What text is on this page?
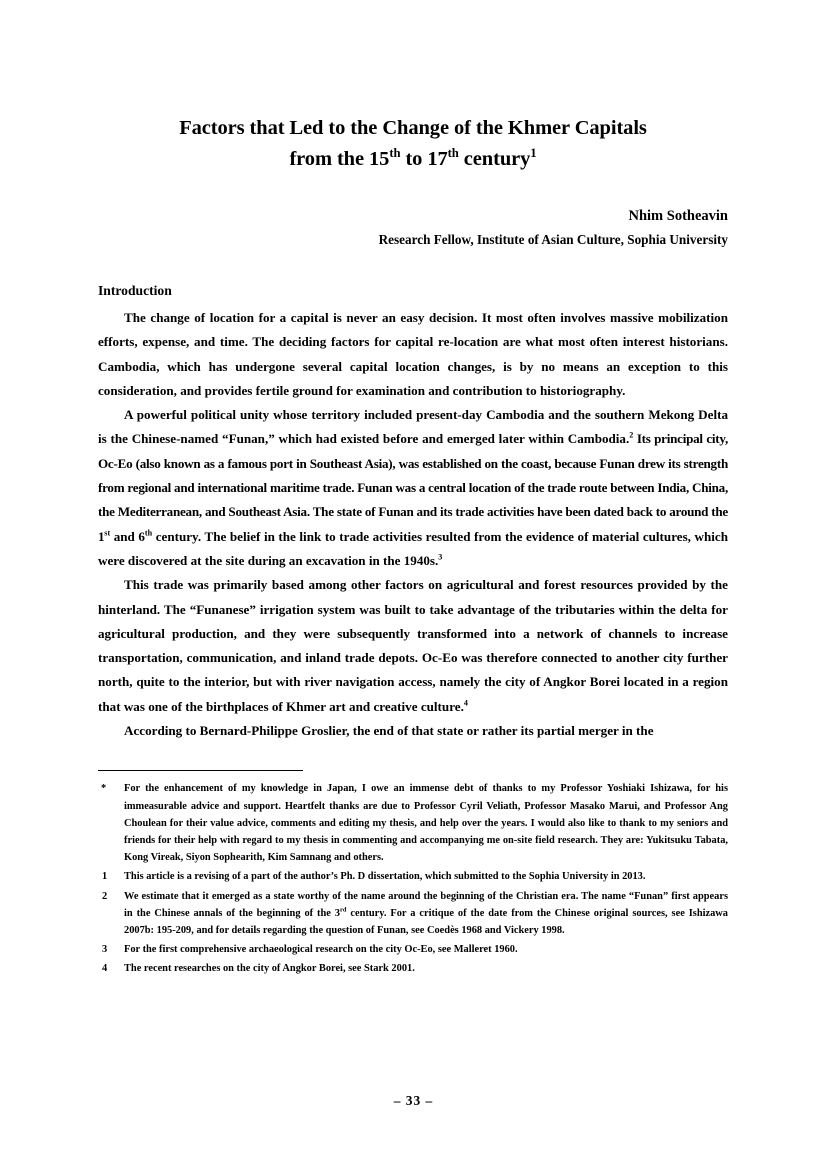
Factors that Led to the Change of the Khmer Capitals
from the 15th to 17th century$^1$
Nhim Sotheavin
Research Fellow, Institute of Asian Culture, Sophia University
Introduction

The change of location for a capital is never an easy decision. It most often involves massive mobilization efforts, expense, and time. The deciding factors for capital re-location are what most often interest historians. Cambodia, which has undergone several capital location changes, is by no means an exception to this consideration, and provides fertile ground for examination and contribution to historiography.

A powerful political unity whose territory included present-day Cambodia and the southern Mekong Delta is the Chinese-named “Funan,” which had existed before and emerged later within Cambodia.$^2$ Its principal city, Oc-Eo (also known as a famous port in Southeast Asia), was established on the coast, because Funan drew its strength from regional and international maritime trade. Funan was a central location of the trade route between India, China, the Mediterranean, and Southeast Asia. The state of Funan and its trade activities have been dated back to around the 1st and 6th century. The belief in the link to trade activities resulted from the evidence of material cultures, which were discovered at the site during an excavation in the 1940s.$^3$

This trade was primarily based among other factors on agricultural and forest resources provided by the hinterland. The “Funanese” irrigation system was built to take advantage of the tributaries within the delta for agricultural production, and they were subsequently transformed into a network of channels to increase transportation, communication, and inland trade depots. Oc-Eo was therefore connected to another city further north, quite to the interior, but with river navigation access, namely the city of Angkor Borei located in a region that was one of the birthplaces of Khmer art and creative culture.$^4$

According to Bernard-Philippe Groslier, the end of that state or rather its partial merger in the

*	For the enhancement of my knowledge in Japan, I owe an immense debt of thanks to my Professor Yoshiaki Ishizawa, for his immeasurable advice and support. Heartfelt thanks are due to Professor Cyril Veliath, Professor Masako Marui, and Professor Ang Choulean for their value advice, comments and editing my thesis, and help over the years. I would also like to thank to my seniors and friends for their help with regard to my thesis in commenting and accompanying me on-site field research. They are: Yukitsuku Tabata, Kong Vireak, Siyon Sophearith, Kim Samnang and others.
1	This article is a revising of a part of the author’s Ph. D dissertation, which submitted to the Sophia University in 2013.
2	We estimate that it emerged as a state worthy of the name around the beginning of the Christian era. The name “Funan” first appears in the Chinese annals of the beginning of the 3rd century. For a critique of the date from the Chinese original sources, see Ishizawa 2007b: 195-209, and for details regarding the question of Funan, see Coedès 1968 and Vickery 1998.
3	For the first comprehensive archaeological research on the city Oc-Eo, see Malleret 1960.
4	The recent researches on the city of Angkor Borei, see Stark 2001.
– 33 –
